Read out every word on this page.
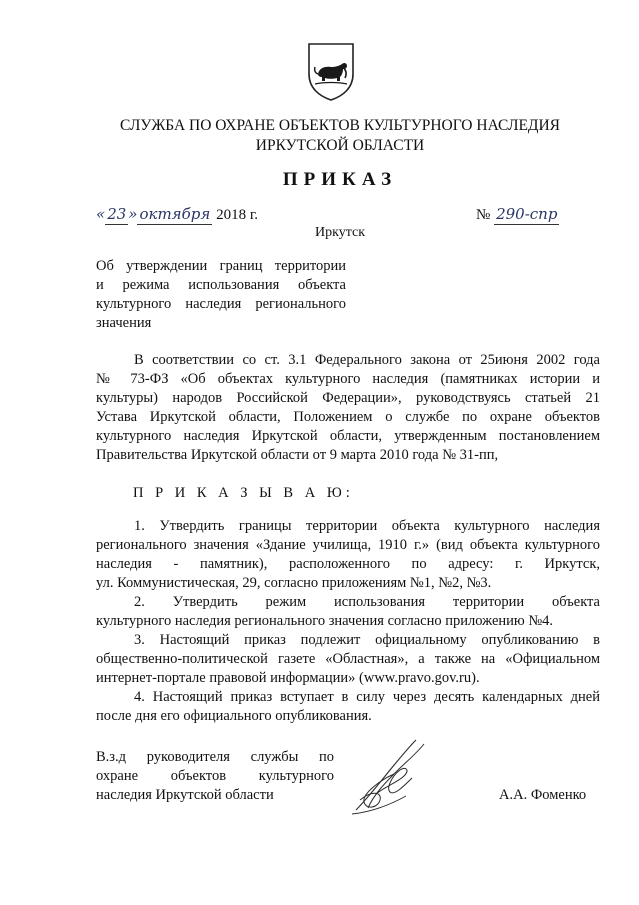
СЛУЖБА ПО ОХРАНЕ ОБЪЕКТОВ КУЛЬТУРНОГО НАСЛЕДИЯ
ИРКУТСКОЙ ОБЛАСТИ
ПРИКАЗ
« 23 » октября 2018 г.	№ 290-спр
Иркутск
Об утверждении границ территории
и режима использования объекта
культурного наследия регионального
значения
В соответствии со ст. 3.1 Федерального закона от 25июня 2002 года
№ 73-ФЗ «Об объектах культурного наследия (памятниках истории и
культуры) народов Российской Федерации», руководствуясь статьей 21
Устава Иркутской области, Положением о службе по охране объектов
культурного наследия Иркутской области, утвержденным постановлением
Правительства Иркутской области от 9 марта 2010 года № 31-пп,
П Р И К А З Ы В А Ю:
1. Утвердить границы территории объекта культурного наследия
регионального значения «Здание училища, 1910 г.» (вид объекта культурного
наследия - памятник), расположенного по адресу: г. Иркутск,
ул. Коммунистическая, 29, согласно приложениям №1, №2, №3.
2. Утвердить режим использования территории объекта
культурного наследия регионального значения согласно приложению №4.
3. Настоящий приказ подлежит официальному опубликованию в
общественно-политической газете «Областная», а также на «Официальном
интернет-портале правовой информации» (www.pravo.gov.ru).
4. Настоящий приказ вступает в силу через десять календарных дней
после дня его официального опубликования.
В.з.д руководителя службы по
охране объектов культурного
наследия Иркутской области	А.А. Фоменко
